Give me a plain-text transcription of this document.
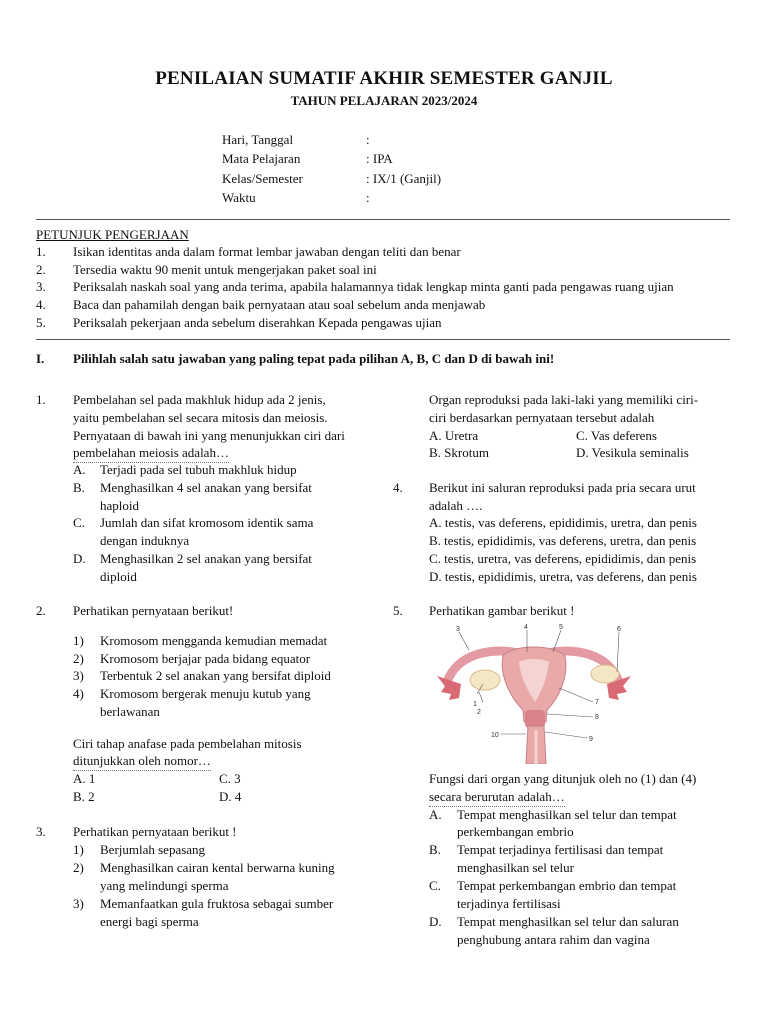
PENILAIAN SUMATIF AKHIR SEMESTER GANJIL
TAHUN PELAJARAN 2023/2024
Hari, Tanggal	:
Mata Pelajaran	: IPA
Kelas/Semester	: IX/1 (Ganjil)
Waktu	:
PETUNJUK PENGERJAAN
1. Isikan identitas anda dalam format lembar jawaban dengan teliti dan benar
2. Tersedia waktu 90 menit untuk mengerjakan paket soal ini
3. Periksalah naskah soal yang anda terima, apabila halamannya tidak lengkap minta ganti pada pengawas ruang ujian
4. Baca dan pahamilah dengan baik pernyataan atau soal sebelum anda menjawab
5. Periksalah pekerjaan anda sebelum diserahkan Kepada pengawas ujian
I. Pilihlah salah satu jawaban yang paling tepat pada pilihan A, B, C dan D di bawah ini!
1. Pembelahan sel pada makhluk hidup ada 2 jenis,
yaitu pembelahan sel secara mitosis dan meiosis.
Pernyataan di bawah ini yang menunjukkan ciri dari
pembelahan meiosis adalah…
A. Terjadi pada sel tubuh makhluk hidup
B. Menghasilkan 4 sel anakan yang bersifat
haploid
C. Jumlah dan sifat kromosom identik sama
dengan induknya
D. Menghasilkan 2 sel anakan yang bersifat
diploid
2. Perhatikan pernyataan berikut!
1) Kromosom mengganda kemudian memadat
2) Kromosom berjajar pada bidang equator
3) Terbentuk 2 sel anakan yang bersifat diploid
4) Kromosom bergerak menuju kutub yang
berlawanan
Ciri tahap anafase pada pembelahan mitosis
ditunjukkan oleh nomor…
A. 1	C. 3
B. 2	D. 4
3. Perhatikan pernyataan berikut !
1) Berjumlah sepasang
2) Menghasilkan cairan kental berwarna kuning
yang melindungi sperma
3) Memanfaatkan gula fruktosa sebagai sumber
energi bagi sperma
Organ reproduksi pada laki-laki yang memiliki ciri-
ciri berdasarkan pernyataan tersebut adalah
A. Uretra	C. Vas deferens
B. Skrotum	D. Vesikula seminalis
4. Berikut ini saluran reproduksi pada pria secara urut
adalah ….
A. testis, vas deferens, epididimis, uretra, dan penis
B. testis, epididimis, vas deferens, uretra, dan penis
C. testis, uretra, vas deferens, epididimis, dan penis
D. testis, epididimis, uretra, vas deferens, dan penis
5. Perhatikan gambar berikut !
1
2
3	4	5	6
7
8
9
10
Fungsi dari organ yang ditunjuk oleh no (1) dan (4)
secara berurutan adalah…
A. Tempat menghasilkan sel telur dan tempat
perkembangan embrio
B. Tempat terjadinya fertilisasi dan tempat
menghasilkan sel telur
C. Tempat perkembangan embrio dan tempat
terjadinya fertilisasi
D. Tempat menghasilkan sel telur dan saluran
penghubung antara rahim dan vagina
